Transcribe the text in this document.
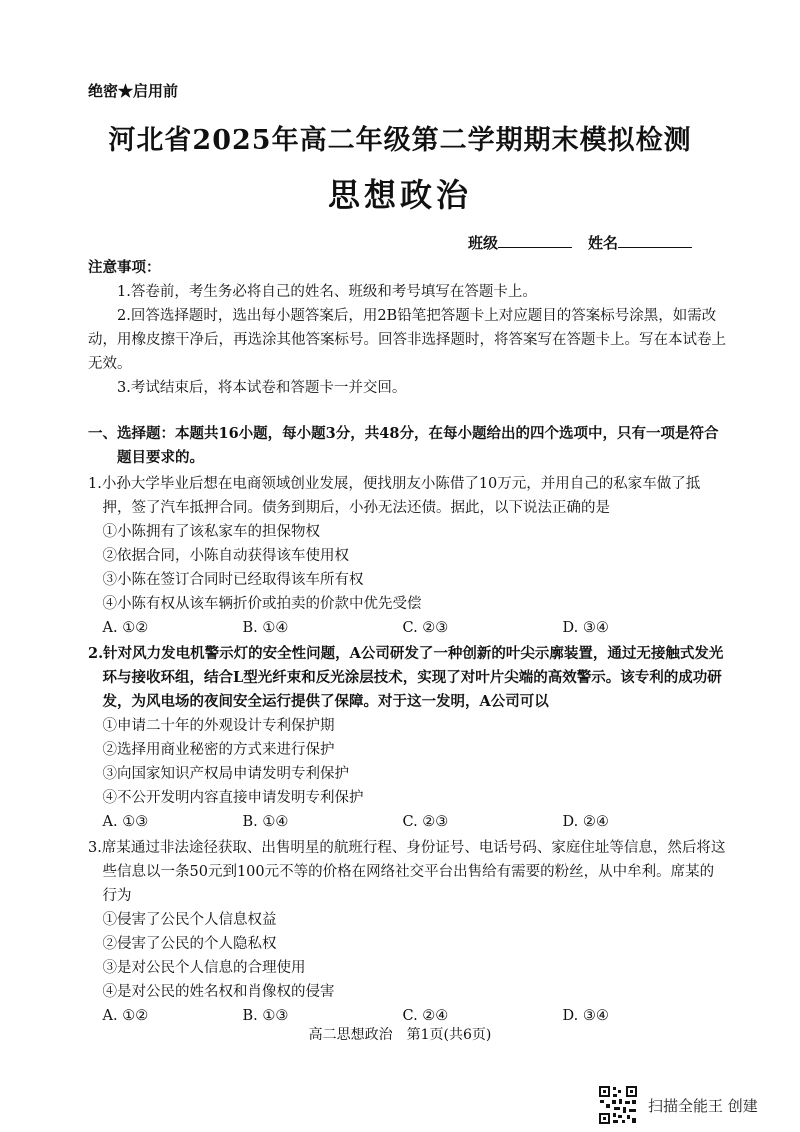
绝密★启用前
河北省2025年高二年级第二学期期末模拟检测
思想政治
班级	姓名
注意事项：

1.答卷前，考生务必将自己的姓名、班级和考号填写在答题卡上。

2.回答选择题时，选出每小题答案后，用2B铅笔把答题卡上对应题目的答案标号涂黑，如需改动，用橡皮擦干净后，再选涂其他答案标号。回答非选择题时，将答案写在答题卡上。写在本试卷上无效。

3.考试结束后，将本试卷和答题卡一并交回。

一、选择题：本题共16小题，每小题3分，共48分，在每小题给出的四个选项中，只有一项是符合题目要求的。
1.小孙大学毕业后想在电商领域创业发展，便找朋友小陈借了10万元，并用自己的私家车做了抵押，签了汽车抵押合同。债务到期后，小孙无法还债。据此，以下说法正确的是
①小陈拥有了该私家车的担保物权
②依据合同，小陈自动获得该车使用权
③小陈在签订合同时已经取得该车所有权
④小陈有权从该车辆折价或拍卖的价款中优先受偿
A. ①②	B. ①④	C. ②③	D. ③④
2.针对风力发电机警示灯的安全性问题，A公司研发了一种创新的叶尖示廓装置，通过无接触式发光环与接收环组，结合L型光纤束和反光涂层技术，实现了对叶片尖端的高效警示。该专利的成功研发，为风电场的夜间安全运行提供了保障。对于这一发明，A公司可以
①申请二十年的外观设计专利保护期
②选择用商业秘密的方式来进行保护
③向国家知识产权局申请发明专利保护
④不公开发明内容直接申请发明专利保护
A. ①③	B. ①④	C. ②③	D. ②④
3.席某通过非法途径获取、出售明星的航班行程、身份证号、电话号码、家庭住址等信息，然后将这些信息以一条50元到100元不等的价格在网络社交平台出售给有需要的粉丝，从中牟利。席某的行为
①侵害了公民个人信息权益
②侵害了公民的个人隐私权
③是对公民个人信息的合理使用
④是对公民的姓名权和肖像权的侵害
A. ①②	B. ①③	C. ②④	D. ③④
高二思想政治　第1页(共6页)
扫描全能王 创建
